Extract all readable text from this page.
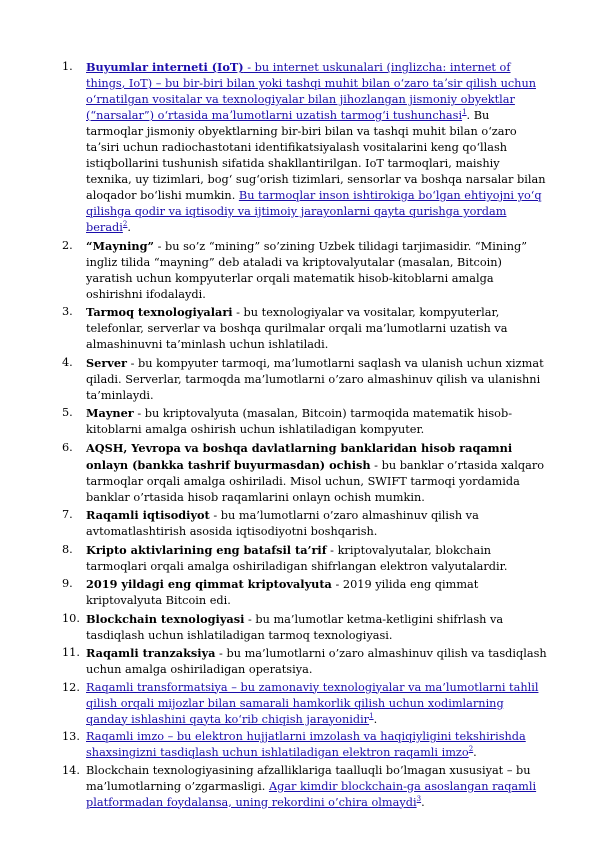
1.	Buyumlar interneti (IoT) - bu internet uskunalari (inglizcha: internet of things, IoT) – bu bir-biri bilan yoki tashqi muhit bilan oʻzaro taʼsir qilish uchun oʻrnatilgan vositalar va texnologiyalar bilan jihozlangan jismoniy obyektlar (“narsalar”) oʻrtasida maʼlumotlarni uzatish tarmogʻi tushunchasi$^1$. Bu tarmoqlar jismoniy obyektlarning bir-biri bilan va tashqi muhit bilan oʻzaro taʼsiri uchun radiochastotani identifikatsiyalash vositalarini keng qoʻllash istiqbollarini tushunish sifatida shakllantirilgan. IoT tarmoqlari, maishiy texnika, uy tizimlari, bogʻ sugʻorish tizimlari, sensorlar va boshqa narsalar bilan aloqador boʻlishi mumkin. Bu tarmoqlar inson ishtirokiga boʻlgan ehtiyojni yoʻq qilishga qodir va iqtisodiy va ijtimoiy jarayonlarni qayta qurishga yordam beradi$^2$.
2.	“Mayning” - bu so’z “mining” so’zining Uzbek tilidagi tarjimasidir. “Mining” ingliz tilida “mayning” deb ataladi va kriptovalyutalar (masalan, Bitcoin) yaratish uchun kompyuterlar orqali matematik hisob-kitoblarni amalga oshirishni ifodalaydi.
3.	Tarmoq texnologiyalari - bu texnologiyalar va vositalar, kompyuterlar, telefonlar, serverlar va boshqa qurilmalar orqali ma’lumotlarni uzatish va almashinuvni ta’minlash uchun ishlatiladi.
4.	Server - bu kompyuter tarmoqi, ma’lumotlarni saqlash va ulanish uchun xizmat qiladi. Serverlar, tarmoqda ma’lumotlarni o’zaro almashinuv qilish va ulanishni ta’minlaydi.
5.	Mayner - bu kriptovalyuta (masalan, Bitcoin) tarmoqida matematik hisob-kitoblarni amalga oshirish uchun ishlatiladigan kompyuter.
6.	AQSH, Yevropa va boshqa davlatlarning banklaridan hisob raqamni onlayn (bankka tashrif buyurmasdan) ochish - bu banklar o’rtasida xalqaro tarmoqlar orqali amalga oshiriladi. Misol uchun, SWIFT tarmoqi yordamida banklar o’rtasida hisob raqamlarini onlayn ochish mumkin.
7.	Raqamli iqtisodiyot - bu ma’lumotlarni o’zaro almashinuv qilish va avtomatlashtirish asosida iqtisodiyotni boshqarish.
8.	Kripto aktivlarining eng batafsil ta’rif - kriptovalyutalar, blokchain tarmoqlari orqali amalga oshiriladigan shifrlangan elektron valyutalardir.
9.	2019 yildagi eng qimmat kriptovalyuta - 2019 yilida eng qimmat kriptovalyuta Bitcoin edi.
10. Blockchain texnologiyasi - bu ma’lumotlar ketma-ketligini shifrlash va tasdiqlash uchun ishlatiladigan tarmoq texnologiyasi.
11. Raqamli tranzaksiya - bu ma’lumotlarni o’zaro almashinuv qilish va tasdiqlash uchun amalga oshiriladigan operatsiya.
12. Raqamli transformatsiya – bu zamonaviy texnologiyalar va ma’lumotlarni tahlil qilish orqali mijozlar bilan samarali hamkorlik qilish uchun xodimlarning qanday ishlashini qayta koʻrib chiqish jarayonidir$^1$.
13. Raqamli imzo – bu elektron hujjatlarni imzolash va haqiqiyligini tekshirishda shaxsingizni tasdiqlash uchun ishlatiladigan elektron raqamli imzo$^2$.
14. Blockchain texnologiyasining afzalliklariga taalluqli bo’lmagan xususiyat – bu ma’lumotlarning o’zgarmasligi. Agar kimdir blockchain-ga asoslangan raqamli platformadan foydalansa, uning rekordini o’chira olmaydi$^3$.
